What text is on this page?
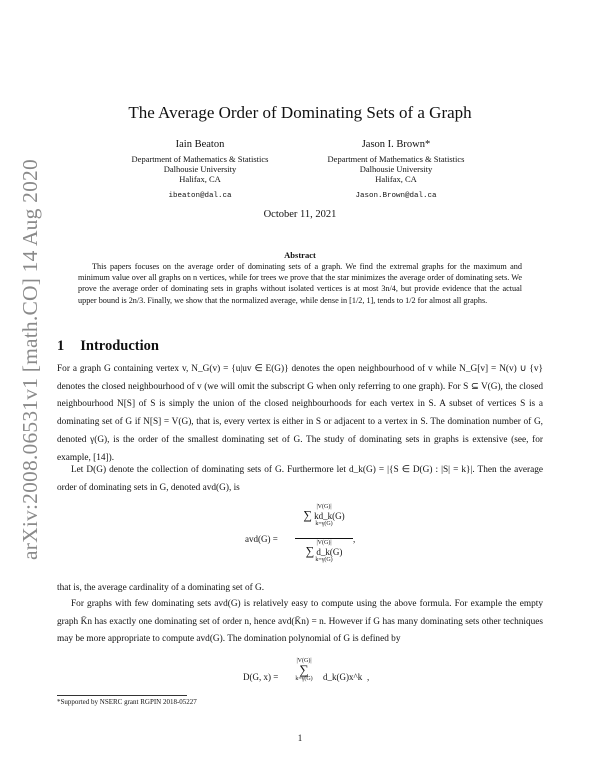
arXiv:2008.06531v1 [math.CO] 14 Aug 2020
The Average Order of Dominating Sets of a Graph
Iain Beaton
Department of Mathematics & Statistics
Dalhousie University
Halifax, CA
ibeaton@dal.ca
Jason I. Brown*
Department of Mathematics & Statistics
Dalhousie University
Halifax, CA
Jason.Brown@dal.ca
October 11, 2021
Abstract
This papers focuses on the average order of dominating sets of a graph. We find the extremal graphs for the maximum and minimum value over all graphs on n vertices, while for trees we prove that the star minimizes the average order of dominating sets. We prove the average order of dominating sets in graphs without isolated vertices is at most 3n/4, but provide evidence that the actual upper bound is 2n/3. Finally, we show that the normalized average, while dense in [1/2, 1], tends to 1/2 for almost all graphs.
1 Introduction
For a graph G containing vertex v, N_G(v) = {u|uv ∈ E(G)} denotes the open neighbourhood of v while N_G[v] = N(v) ∪ {v} denotes the closed neighbourhood of v (we will omit the subscript G when only referring to one graph). For S ⊆ V(G), the closed neighbourhood N[S] of S is simply the union of the closed neighbourhoods for each vertex in S. A subset of vertices S is a dominating set of G if N[S] = V(G), that is, every vertex is either in S or adjacent to a vertex in S. The domination number of G, denoted γ(G), is the order of the smallest dominating set of G. The study of dominating sets in graphs is extensive (see, for example, [14]).
Let D(G) denote the collection of dominating sets of G. Furthermore let d_k(G) = |{S ∈ D(G) : |S| = k}|. Then the average order of dominating sets in G, denoted avd(G), is
avd(G) =
|V(G)|
∑ kd_k(G)
k=γ(G)
|V(G)|
∑ d_k(G)
k=γ(G)
,
that is, the average cardinality of a dominating set of G.
For graphs with few dominating sets avd(G) is relatively easy to compute using the above formula. For example the empty graph K̄n has exactly one dominating set of order n, hence avd(K̄n) = n. However if G has many dominating sets other techniques may be more appropriate to compute avd(G). The domination polynomial of G is defined by
D(G, x) =
|V(G)|
∑
k=γ(G)	d_k(G)x^k ,
*Supported by NSERC grant RGPIN 2018-05227
1
